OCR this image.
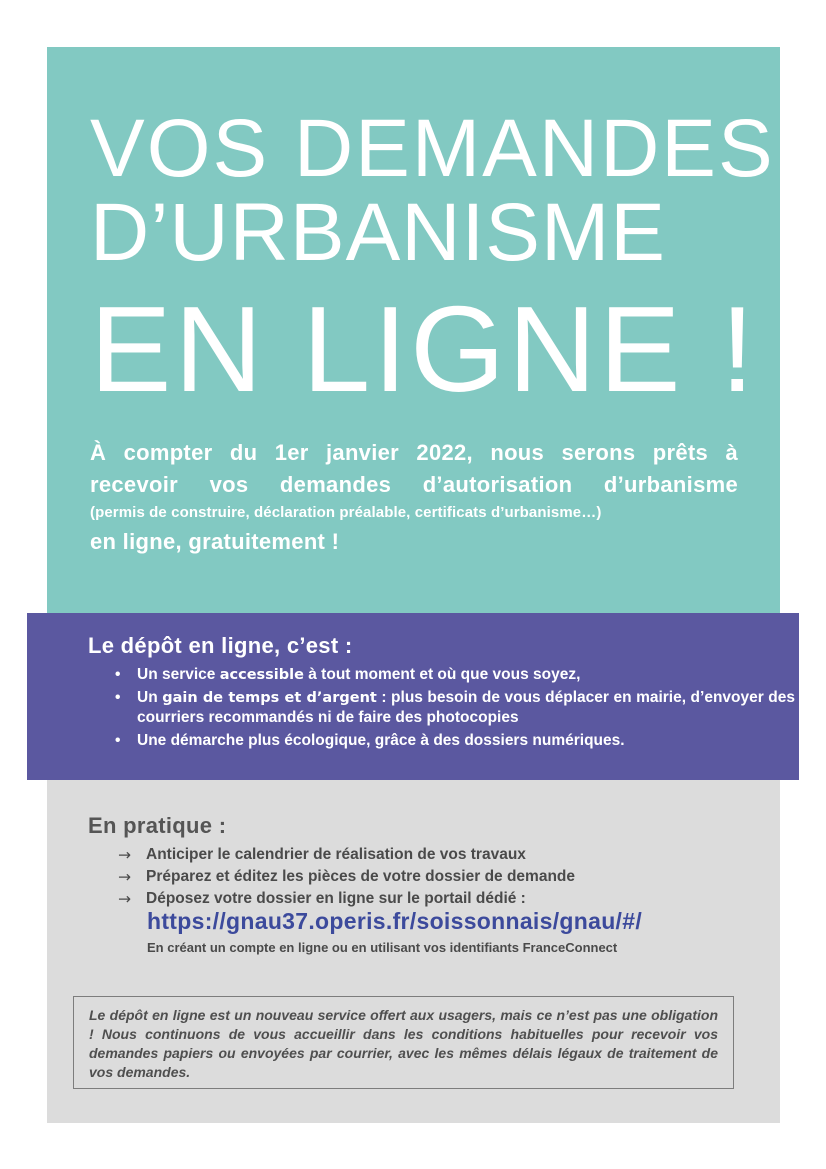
VOS DEMANDES
D’URBANISME
EN LIGNE !
À compter du 1er janvier 2022, nous serons prêts à
recevoir vos demandes d’autorisation d’urbanisme
(permis de construire, déclaration préalable, certificats d’urbanisme…)
en ligne, gratuitement !
Le dépôt en ligne, c’est :
• Un service accessible à tout moment et où que vous soyez,
• Un gain de temps et d’argent : plus besoin de vous déplacer en mairie, d’envoyer des courriers recommandés ni de faire des photocopies
• Une démarche plus écologique, grâce à des dossiers numériques.
En pratique :
→ Anticiper le calendrier de réalisation de vos travaux
→ Préparez et éditez les pièces de votre dossier de demande
→ Déposez votre dossier en ligne sur le portail dédié :
https://gnau37.operis.fr/soissonnais/gnau/#/
En créant un compte en ligne ou en utilisant vos identifiants FranceConnect
Le dépôt en ligne est un nouveau service offert aux usagers, mais ce n’est pas une obligation ! Nous continuons de vous accueillir dans les conditions habituelles pour recevoir vos demandes papiers ou envoyées par courrier, avec les mêmes délais légaux de traitement de vos demandes.
